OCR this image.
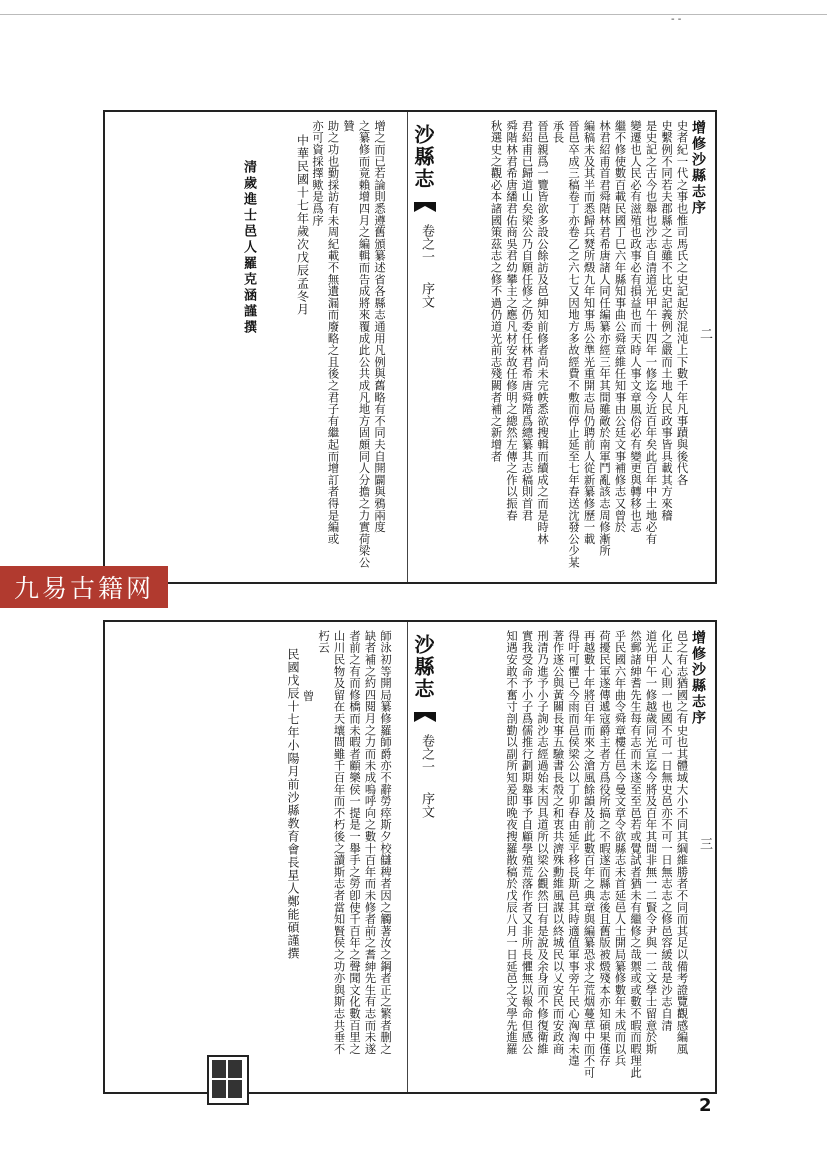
- -

增之而已若論則悉遵舊頒纂述省各縣志通用凡例與舊略有不同夫自開闢與鴉兩度

之纂修而竟賴增四月之編輯而告成將來覆成此公共成凡地方固頗同人分擔之力實荷梁公贊

助之功也勤採訪有未周紀載不無遺漏而廢略之且後之君子有繼起而增訂者得是編或

亦可資採擇歟是爲序

中華民國十七年歲次戊辰孟冬月

清歲進士邑人羅克涵謹撰

沙縣志
卷之一
序文

增修沙縣志序

史者紀一代之事也惟司馬氏之史記起於混沌上下數千年凡事蹟與後代各

史繫例不同若夫郡縣之志雖不比史記義例之嚴而土地人民政事皆具載其方來稽

是史記之古今也舉也沙志自清道光甲午十四年一修迄今近百年矣此百年中土地必有

變遷也人民必有滋殖也政事必有損益也而天時人事文章風俗必有變更與轉移也志

繼不修使數百載民國丁巳六年縣知事曲公舜章維任知事由公廷文事補修志又曾於

林君紹甫首君舜階林君希唐諸人同任編纂亦經三年其間雖敵於南軍鬥亂該志周修漸所

編稿未及其半而悉歸兵燹所燬九年知事馬公準光重開志局仍聘前人從新纂修歷一載

晉邑卒成三稿卷丁亦卷乙之六七又因地方多故經費不敷而停止延至七年春送沈發公少某承長

晉邑親爲一覽皆欲多設公餘訪及邑紳知前修者尚未完帙悉欲搜輯而續成之而是時林

君紹甫已歸道山矣梁公乃自願任修之仍委任林君希唐舜階爲總纂其志稿則首君

舜階林君希唐繙君佑商吳君幼攀主之應凡材安故任修明之總然左傳之作以振春

秋選史之觀必本諸國策茲志之修不過仍道光前志殘闕者補之新增者	二
九易古籍网

師泳初等開局纂修羅師爵亦不辭勞瘁斯夕校讎稗者因之觸著汝之鋼者正之繁者删之

缺者補之約四閱月之力而未成嗚呼向之數十百年而未修者前之耆紳先生有志而未遂

者前之有而修橋而未暇者顧樂侯一提是一舉手之勞卽使千百年之聲聞文化數百里之

山川民物及留在天壤間雖千百年而不朽後之讀斯志者當知賢侯之功亦與斯志共垂不

朽云

曾

民國戊辰十七年小陽月前沙縣教育會長星人鄭能碩謹撰	沙縣志
卷之一
序文

增修沙縣志序

邑之有志猶國之有史也其體域大小不同其綱維勝者不同而其足以備考證覽觀感編風

化正人心則一也國不可一日無史邑亦不可一日無志志之修邑容緩哉是沙志自清

道光甲午一修越歲同光宣迄今將及百年其間非無一二賢令尹與一二文學士留意於斯

然郵諸紳耆先生每有志而未遂至至邑若或覺試者猶未有繼修之哉禦或或數不暇而暇理此

乎民國六年曲令舜章樓任邑今曼文章令欲縣志未首延邑人士開局纂修數年未成而以兵

荷擾民軍遂傳遞寇爵主者方爲役所搞之不暇遂而縣志後且舊版被燬殘本亦知碩果僅存

再越數十年將百年而來之滄風餘韻及前此數百年之典章與編纂恐求之荒烟蔓草中而不可

得吁可懼已今雨而邑侯梁公以丁卯春由延平移長斯邑其時適值軍事旁午民心洶洶未遑

著作遂公與黃關長事五驗書長殼之和衷共濟殊勳維風謀以終城民以乂安民而安政商

刑清乃進予小子詢沙志經過始末因具道所以梁公觀然曰有是說及余身而不修復衛維

實我受命予小子爲儒推行劃期舉事予自顧學殖荒落作者又非所長懼無以報命但感公

知遇安敢不奮寸剖勤以副所知爰即晚夜搜羅散稿於戊辰八月一日延邑之文學先進羅	三
2
